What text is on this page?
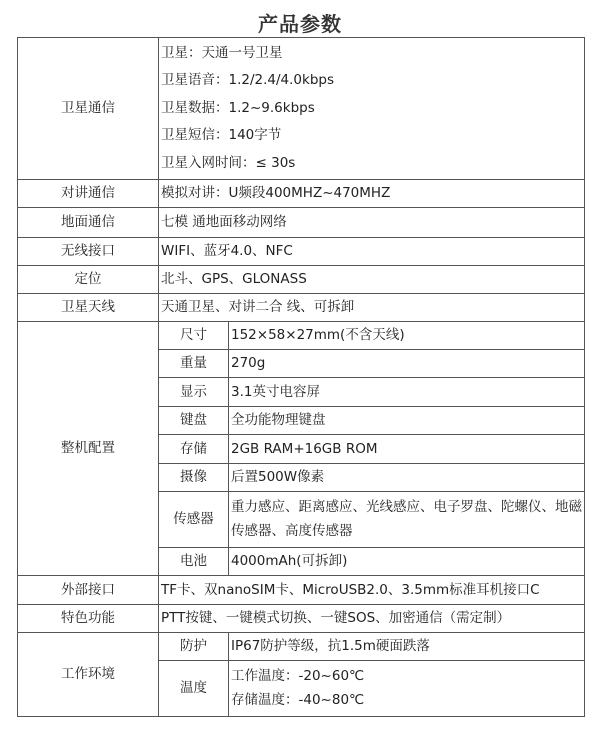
产品参数
卫星通信	卫星：天通一号卫星
卫星语音：1.2/2.4/4.0kbps
卫星数据：1.2~9.6kbps
卫星短信：140字节
卫星入网时间：≤ 30s	

对讲通信	模拟对讲：U频段400MHZ~470MHZ	
地面通信	七模 通地面移动网络	
无线接口	WIFI、蓝牙4.0、NFC	
定位	北斗、GPS、GLONASS	
卫星天线	天通卫星、对讲二合 线、可拆卸	
整机配置	尺寸	152×58×27mm(不含天线)
	重量	270g
	显示	3.1英寸电容屏
	键盘	全功能物理键盘
	存储	2GB RAM+16GB ROM
	摄像	后置500W像素
	传感器	重力感应、距离感应、光线感应、电子罗盘、陀螺仪、地磁传感器、高度传感器
	电池	4000mAh(可拆卸)
外部接口	TF卡、双nanoSIM卡、MicroUSB2.0、3.5mm标准耳机接口C	
特色功能	PTT按键、一键模式切换、一键SOS、加密通信（需定制）	
工作环境	防护	IP67防护等级，抗1.5m硬面跌落
	温度	工作温度：-20~60℃
存储温度：-40~80℃
